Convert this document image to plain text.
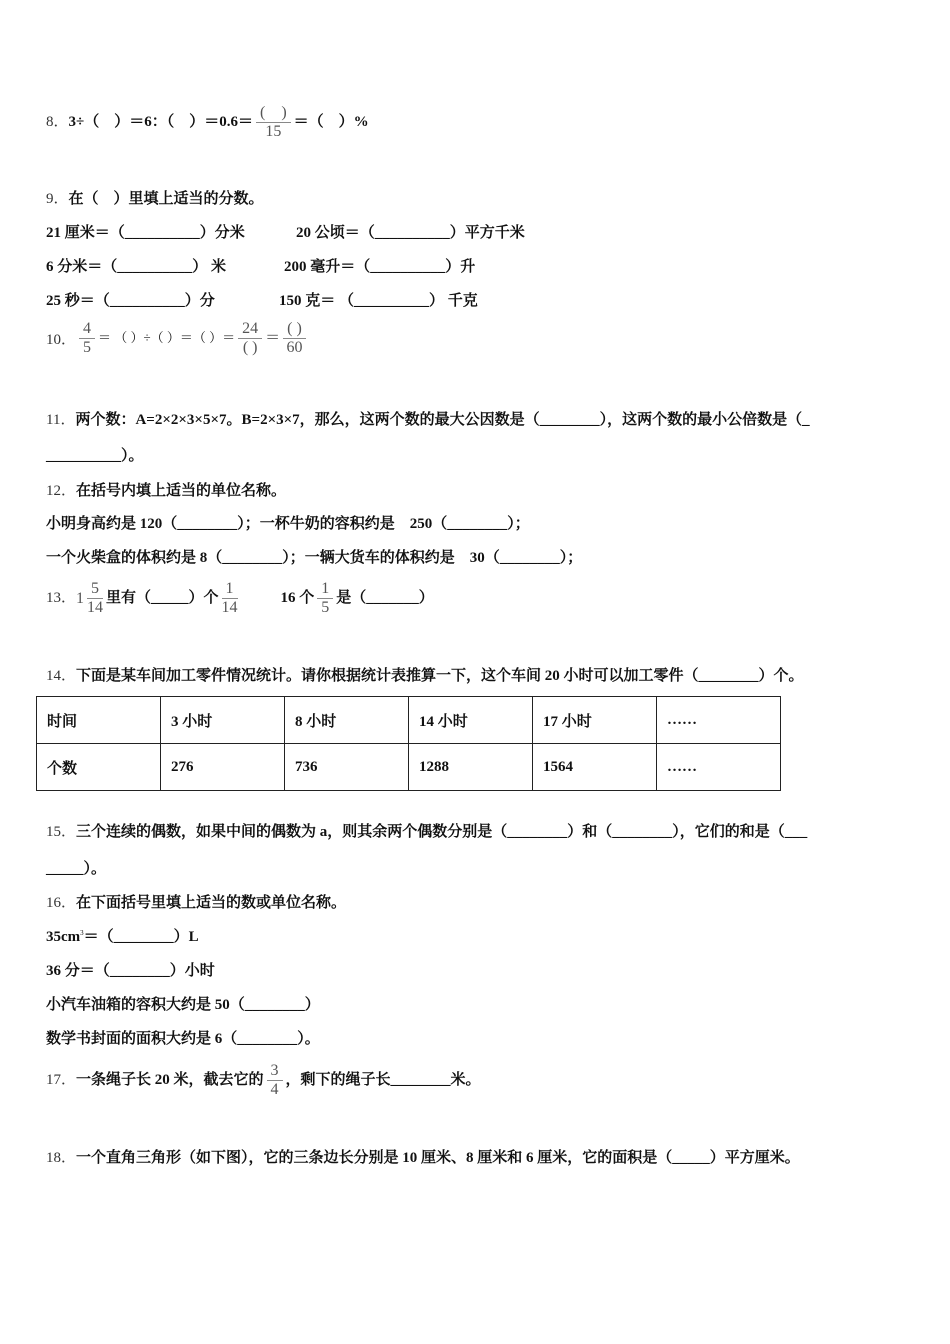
8．3÷（　）＝6：（　）$=0.6= \frac{( )}{15}$ ＝（　）%
9．在（　）里填上适当的分数。
21 厘米＝（__________）分米	20 公顷＝（__________）平方千米
6 分米＝（__________） 米	200 毫升＝（__________）升
25 秒＝（__________）分	150 克＝ （__________） 千克
10． $\frac{4}{5}$ ＝ （ ）÷（ ）＝（ ）＝ $\frac{24}{( )} = \frac{( )}{60}$
11．两个数：A=2×2×3×5×7。B=2×3×7，那么，这两个数的最大公因数是（________），这两个数的最小公倍数是（_
__________）。
12．在括号内填上适当的单位名称。
小明身高约是 120（________）；一杯牛奶的容积约是　250（________）；
一个火柴盒的体积约是 8（________）；一辆大货车的体积约是　30（________）；
13． $1 \frac{5}{14}$ 里有（_____）个 $\frac{1}{14}$	16 个 $\frac{1}{5}$ 是（_______）
14．下面是某车间加工零件情况统计。请你根据统计表推算一下，这个车间 20 小时可以加工零件（________）个。
时间	3 小时	8 小时	14 小时	17 小时	……
个数	276	736	1288	1564	……
15．三个连续的偶数，如果中间的偶数为 a，则其余两个偶数分别是（________）和（________），它们的和是（___
_____）。
16．在下面括号里填上适当的数或单位名称。
$35cm^3=(\_\_\_\_\_\_\_\_)L$
36 分＝（________）小时
小汽车油箱的容积大约是 50（________）
数学书封面的面积大约是 6（________）。
17．一条绳子长 20 米，截去它的 $\frac{3}{4}$ ，剩下的绳子长________米。
18．一个直角三角形（如下图），它的三条边长分别是 10 厘米、8 厘米和 6 厘米，它的面积是（_____）平方厘米。
